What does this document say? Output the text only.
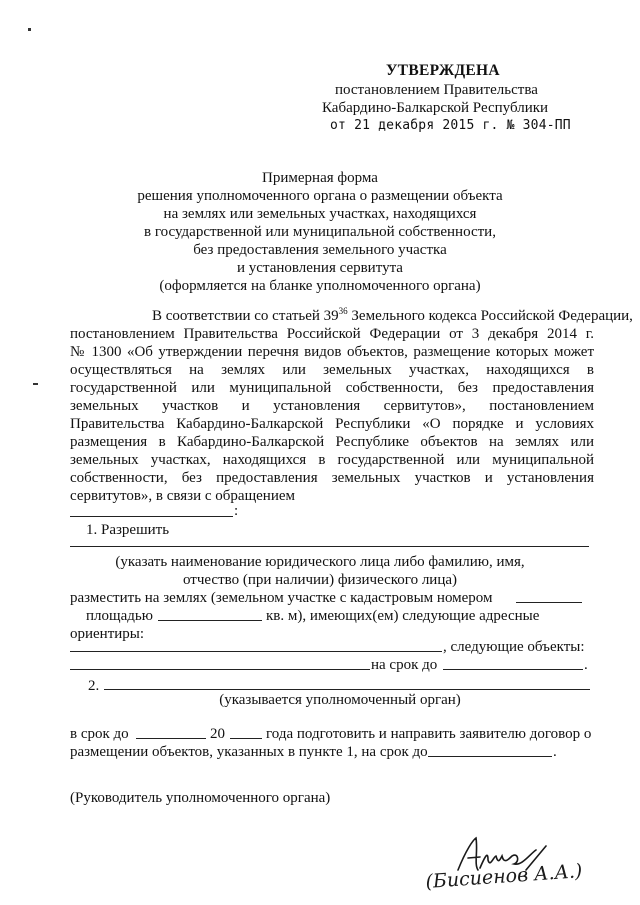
УТВЕРЖДЕНА
постановлением Правительства
Кабардино-Балкарской Республики
от 21 декабря 2015 г. № 304-ПП
Примерная форма
решения уполномоченного органа о размещении объекта
на землях или земельных участках, находящихся
в государственной или муниципальной собственности,
без предоставления земельного участка
и установления сервитута
(оформляется на бланке уполномоченного органа)
В соответствии со статьей $39^{36}$ Земельного кодекса Российской Федерации,
постановлением Правительства Российской Федерации от 3 декабря 2014 г.
№ 1300 «Об утверждении перечня видов объектов, размещение которых может
осуществляться на землях или земельных участках, находящихся в
государственной или муниципальной собственности, без предоставления
земельных участков и установления сервитутов», постановлением
Правительства Кабардино-Балкарской Республики «О порядке и условиях
размещения в Кабардино-Балкарской Республике объектов на землях или
земельных участках, находящихся в государственной или муниципальной
собственности, без предоставления земельных участков и установления
сервитутов», в связи с обращением
:
1. Разрешить
(указать наименование юридического лица либо фамилию, имя,
отчество (при наличии) физического лица)
разместить на землях (земельном участке с кадастровым номером
площадью	кв. м), имеющих(ем) следующие адресные
ориентиры:
, следующие объекты:
на срок до	.
2.
(указывается уполномоченный орган)
в срок до	20	года подготовить и направить заявителю договор о
размещении объектов, указанных в пункте 1, на срок до	.
(Руководитель уполномоченного органа)
(Бисиенов А.А.)
